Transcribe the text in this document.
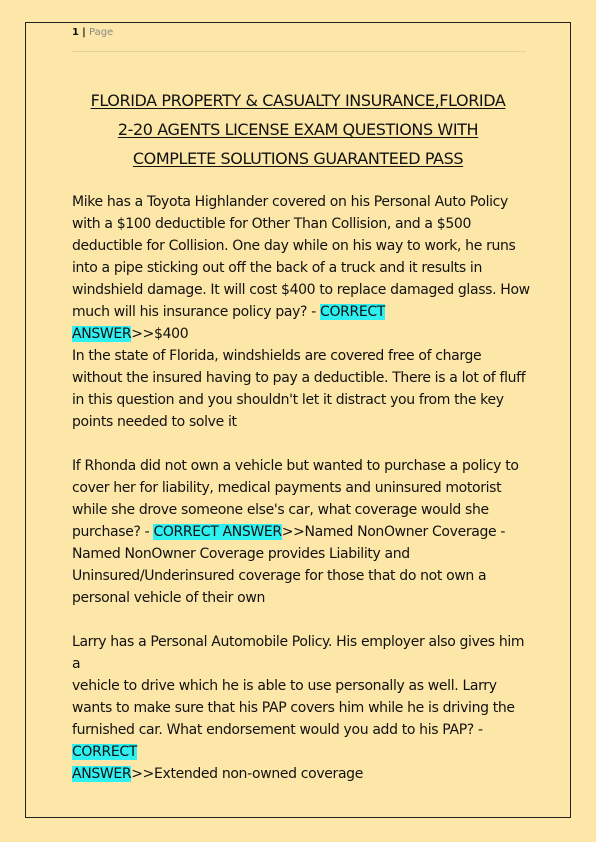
1 | Page
FLORIDA PROPERTY & CASUALTY INSURANCE,FLORIDA
2-20 AGENTS LICENSE EXAM QUESTIONS WITH
COMPLETE SOLUTIONS GUARANTEED PASS

Mike has a Toyota Highlander covered on his Personal Auto Policy

with a $100 deductible for Other Than Collision, and a $500

deductible for Collision. One day while on his way to work, he runs

into a pipe sticking out off the back of a truck and it results in

windshield damage. It will cost $400 to replace damaged glass. How

much will his insurance policy pay? - CORRECT

ANSWER>>$400

In the state of Florida, windshields are covered free of charge

without the insured having to pay a deductible. There is a lot of fluff

in this question and you shouldn't let it distract you from the key

points needed to solve it

If Rhonda did not own a vehicle but wanted to purchase a policy to

cover her for liability, medical payments and uninsured motorist

while she drove someone else's car, what coverage would she

purchase? - CORRECT ANSWER>>Named NonOwner Coverage -

Named NonOwner Coverage provides Liability and

Uninsured/Underinsured coverage for those that do not own a

personal vehicle of their own

Larry has a Personal Automobile Policy. His employer also gives him a

vehicle to drive which he is able to use personally as well. Larry

wants to make sure that his PAP covers him while he is driving the

furnished car. What endorsement would you add to his PAP? -

CORRECT

ANSWER>>Extended non-owned coverage
